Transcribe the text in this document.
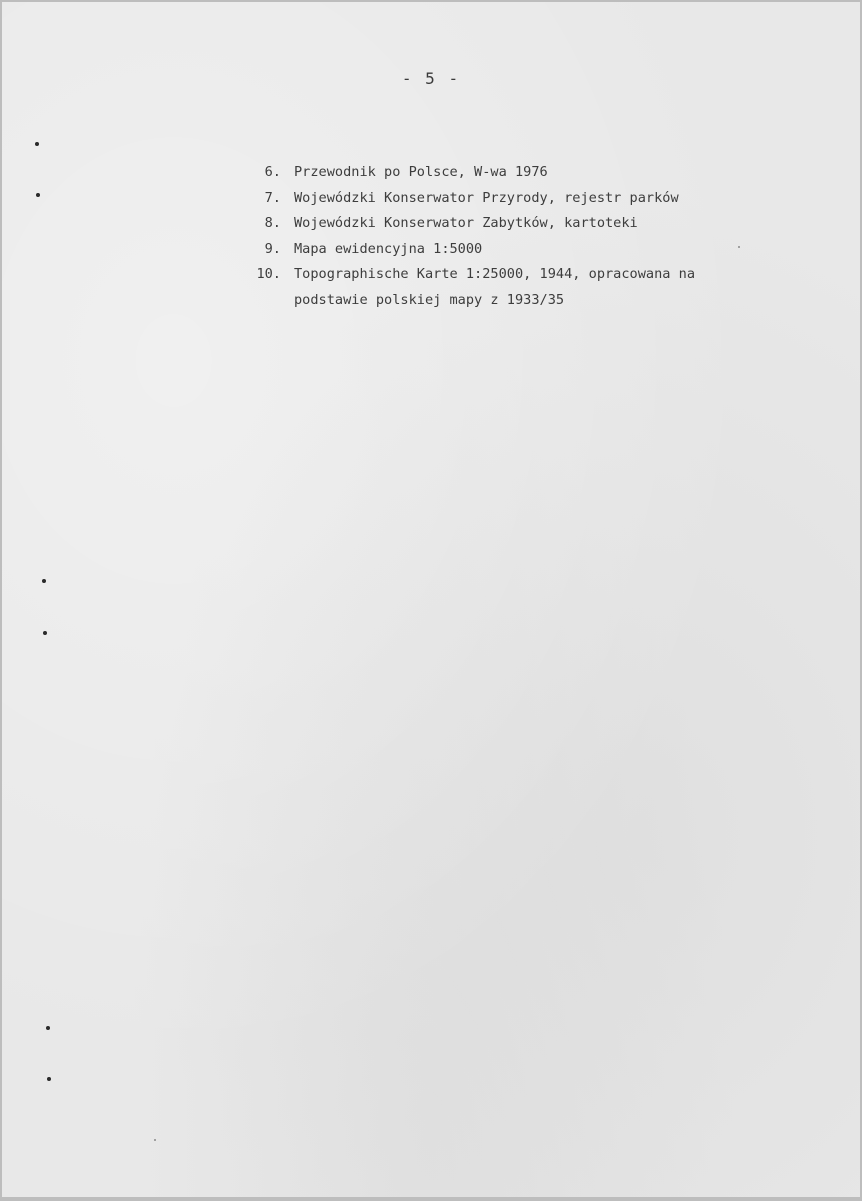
- 5 -
6. Przewodnik po Polsce, W-wa 1976
7. Wojewódzki Konserwator Przyrody, rejestr parków
8. Wojewódzki Konserwator Zabytków, kartoteki
9. Mapa ewidencyjna 1:5000
10. Topographische Karte 1:25000, 1944, opracowana na
podstawie polskiej mapy z 1933/35
